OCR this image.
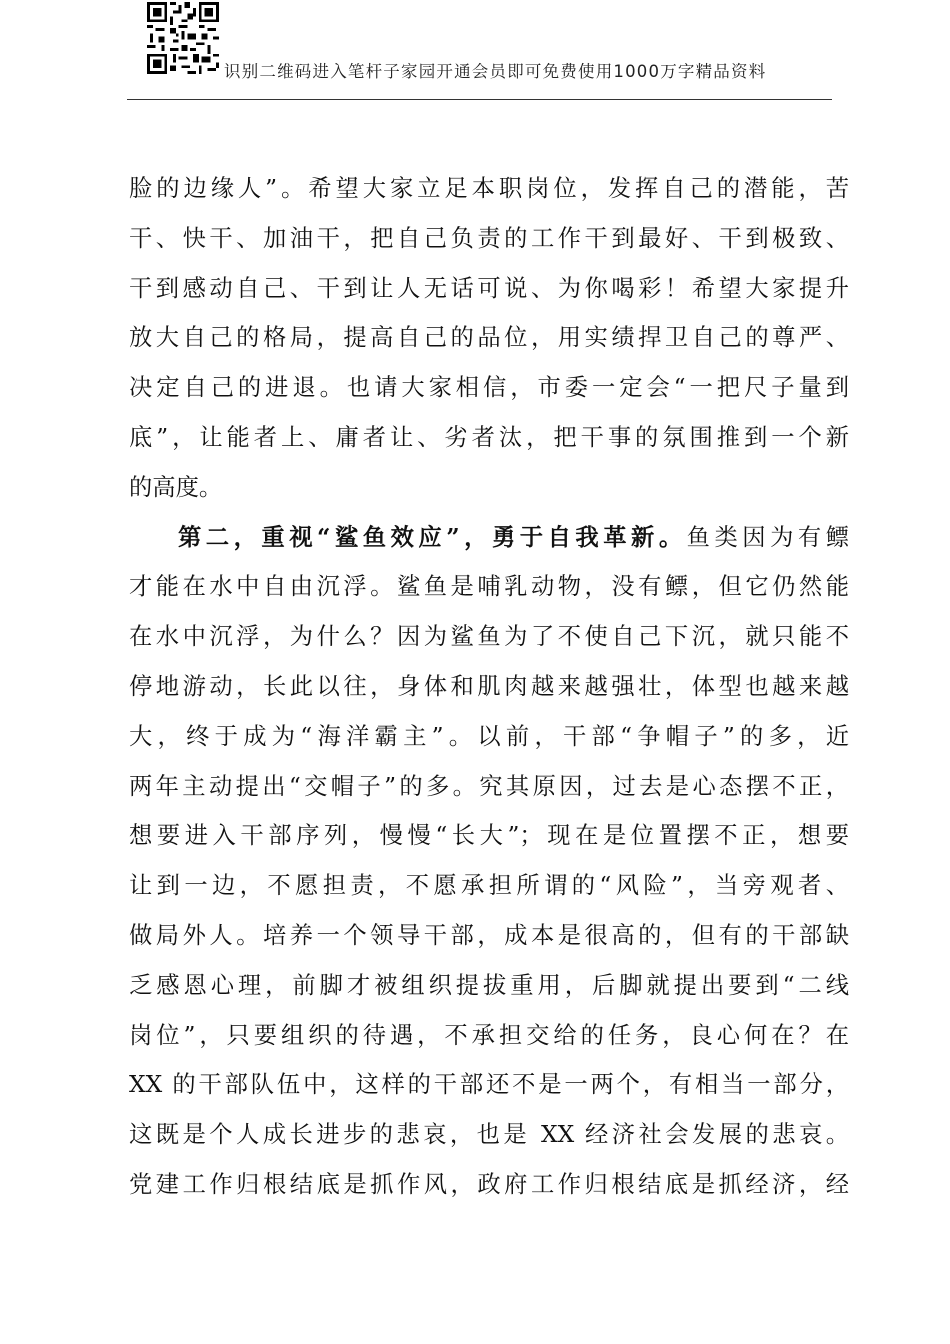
识别二维码进入笔杆子家园开通会员即可免费使用1000万字精品资料
脸的边缘人”。希望大家立足本职岗位，发挥自己的潜能，苦
干、快干、加油干，把自己负责的工作干到最好、干到极致、
干到感动自己、干到让人无话可说、为你喝彩！希望大家提升
放大自己的格局，提高自己的品位，用实绩捍卫自己的尊严、
决定自己的进退。也请大家相信，市委一定会“一把尺子量到
底”，让能者上、庸者让、劣者汰，把干事的氛围推到一个新
的高度。
第二，重视“鲨鱼效应”，勇于自我革新。鱼类因为有鳔
才能在水中自由沉浮。鲨鱼是哺乳动物，没有鳔，但它仍然能
在水中沉浮，为什么？因为鲨鱼为了不使自己下沉，就只能不
停地游动，长此以往，身体和肌肉越来越强壮，体型也越来越
大，终于成为“海洋霸主”。以前，干部“争帽子”的多，近
两年主动提出“交帽子”的多。究其原因，过去是心态摆不正，
想要进入干部序列，慢慢“长大”；现在是位置摆不正，想要
让到一边，不愿担责，不愿承担所谓的“风险”，当旁观者、
做局外人。培养一个领导干部，成本是很高的，但有的干部缺
乏感恩心理，前脚才被组织提拔重用，后脚就提出要到“二线
岗位”，只要组织的待遇，不承担交给的任务，良心何在？在
XX 的干部队伍中，这样的干部还不是一两个，有相当一部分，
这既是个人成长进步的悲哀，也是 XX 经济社会发展的悲哀。
党建工作归根结底是抓作风，政府工作归根结底是抓经济，经
